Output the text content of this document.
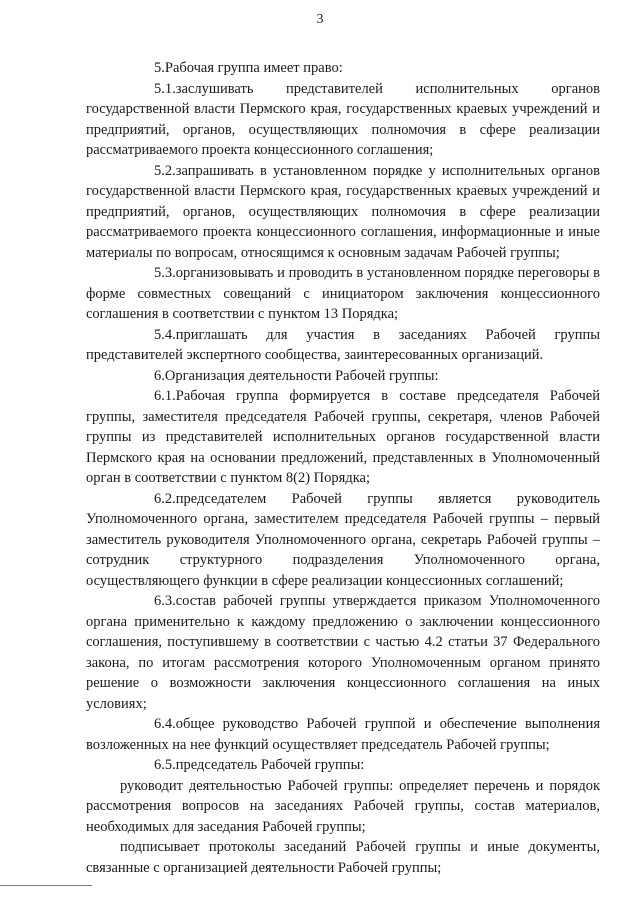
3

5.Рабочая группа имеет право:

5.1.заслушивать представителей исполнительных органов государственной власти Пермского края, государственных краевых учреждений и предприятий, органов, осуществляющих полномочия в сфере реализации рассматриваемого проекта концессионного соглашения;

5.2.запрашивать в установленном порядке у исполнительных органов государственной власти Пермского края, государственных краевых учреждений и предприятий, органов, осуществляющих полномочия в сфере реализации рассматриваемого проекта концессионного соглашения, информационные и иные материалы по вопросам, относящимся к основным задачам Рабочей группы;

5.3.организовывать и проводить в установленном порядке переговоры в форме совместных совещаний с инициатором заключения концессионного соглашения в соответствии с пунктом 13 Порядка;

5.4.приглашать для участия в заседаниях Рабочей группы представителей экспертного сообщества, заинтересованных организаций.

6.Организация деятельности Рабочей группы:

6.1.Рабочая группа формируется в составе председателя Рабочей группы, заместителя председателя Рабочей группы, секретаря, членов Рабочей группы из представителей исполнительных органов государственной власти Пермского края на основании предложений, представленных в Уполномоченный орган в соответствии с пунктом 8(2) Порядка;

6.2.председателем Рабочей группы является руководитель Уполномоченного органа, заместителем председателя Рабочей группы – первый заместитель руководителя Уполномоченного органа, секретарь Рабочей группы – сотрудник структурного подразделения Уполномоченного органа, осуществляющего функции в сфере реализации концессионных соглашений;

6.3.состав рабочей группы утверждается приказом Уполномоченного органа применительно к каждому предложению о заключении концессионного соглашения, поступившему в соответствии с частью 4.2 статьи 37 Федерального закона, по итогам рассмотрения которого Уполномоченным органом принято решение о возможности заключения концессионного соглашения на иных условиях;

6.4.общее руководство Рабочей группой и обеспечение выполнения возложенных на нее функций осуществляет председатель Рабочей группы;

6.5.председатель Рабочей группы:

руководит деятельностью Рабочей группы: определяет перечень и порядок рассмотрения вопросов на заседаниях Рабочей группы, состав материалов, необходимых для заседания Рабочей группы;

подписывает протоколы заседаний Рабочей группы и иные документы, связанные с организацией деятельности Рабочей группы;
